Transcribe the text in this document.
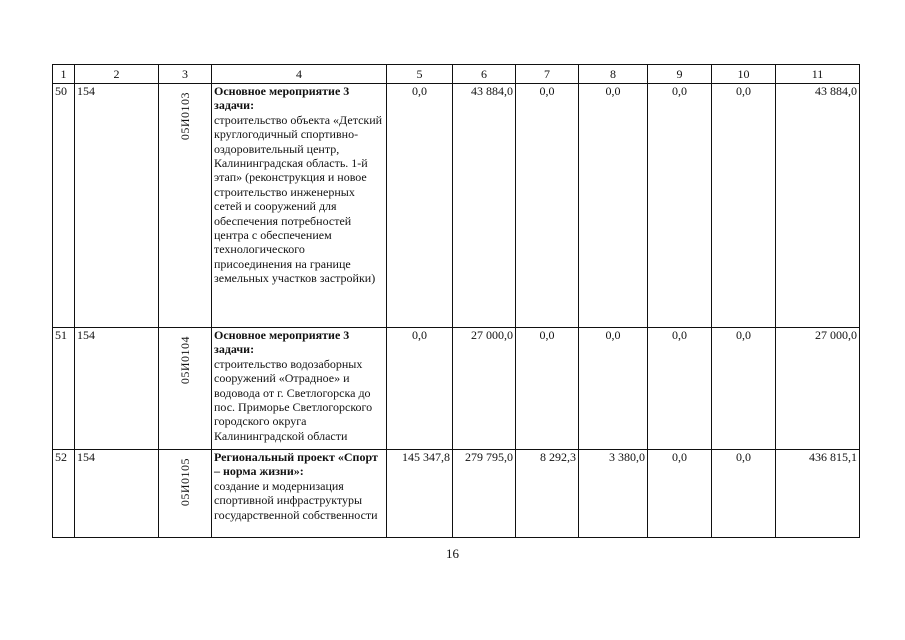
1	2	3	4	5	6	7	8	9	10	11
50	154	05И0103	Основное мероприятие 3 задачи:
строительство объекта «Детский круглогодичный спортивно-оздоровительный центр, Калининградская область. 1-й этап» (реконструкция и новое строительство инженерных сетей и сооружений для обеспечения потребностей центра с обеспечением технологического присоединения на границе земельных участков застройки)	0,0	43 884,0	0,0	0,0	0,0	0,0	43 884,0
51	154	05И0104	Основное мероприятие 3 задачи:
строительство водозаборных сооружений «Отрадное» и водовода от г. Светлогорска до пос. Приморье Светлогорского городского округа Калининградской области	0,0	27 000,0	0,0	0,0	0,0	0,0	27 000,0
52	154	05И0105	Региональный проект «Спорт – норма жизни»:
создание и модернизация спортивной инфраструктуры государственной собственности	145 347,8	279 795,0	8 292,3	3 380,0	0,0	0,0	436 815,1
16
